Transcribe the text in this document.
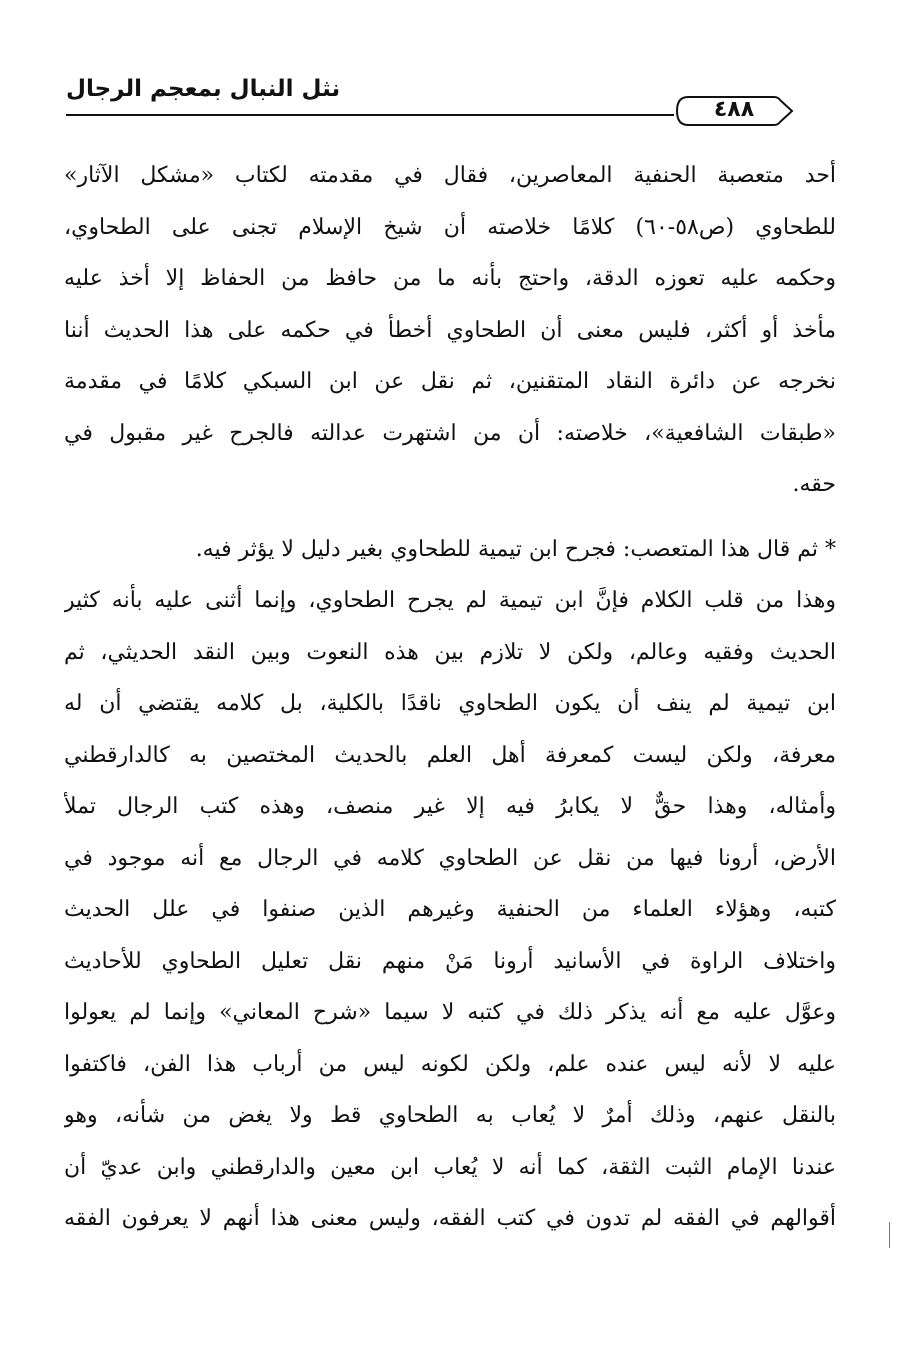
نثل النبال بمعجم الرجال
٤٨٨
أحد متعصبة الحنفية المعاصرين، فقال في مقدمته لكتاب «مشكل الآثار»
للطحاوي (ص٥٨-٦٠) كلامًا خلاصته أن شيخ الإسلام تجنى على الطحاوي،
وحكمه عليه تعوزه الدقة، واحتج بأنه ما من حافظ من الحفاظ إلا أخذ عليه
مأخذ أو أكثر، فليس معنى أن الطحاوي أخطأ في حكمه على هذا الحديث أننا
نخرجه عن دائرة النقاد المتقنين، ثم نقل عن ابن السبكي كلامًا في مقدمة
«طبقات الشافعية»، خلاصته: أن من اشتهرت عدالته فالجرح غير مقبول في
حقه.
* ثم قال هذا المتعصب: فجرح ابن تيمية للطحاوي بغير دليل لا يؤثر فيه.
وهذا من قلب الكلام فإنَّ ابن تيمية لم يجرح الطحاوي، وإنما أثنى عليه بأنه كثير
الحديث وفقيه وعالم، ولكن لا تلازم بين هذه النعوت وبين النقد الحديثي، ثم
ابن تيمية لم ينف أن يكون الطحاوي ناقدًا بالكلية، بل كلامه يقتضي أن له
معرفة، ولكن ليست كمعرفة أهل العلم بالحديث المختصين به كالدارقطني
وأمثاله، وهذا حقٌّ لا يكابرُ فيه إلا غير منصف، وهذه كتب الرجال تملأ
الأرض، أرونا فيها من نقل عن الطحاوي كلامه في الرجال مع أنه موجود في
كتبه، وهؤلاء العلماء من الحنفية وغيرهم الذين صنفوا في علل الحديث
واختلاف الراوة في الأسانيد أرونا مَنْ منهم نقل تعليل الطحاوي للأحاديث
وعوَّل عليه مع أنه يذكر ذلك في كتبه لا سيما «شرح المعاني» وإنما لم يعولوا
عليه لا لأنه ليس عنده علم، ولكن لكونه ليس من أرباب هذا الفن، فاكتفوا
بالنقل عنهم، وذلك أمرٌ لا يُعاب به الطحاوي قط ولا يغض من شأنه، وهو
عندنا الإمام الثبت الثقة، كما أنه لا يُعاب ابن معين والدارقطني وابن عديّ أن
أقوالهم في الفقه لم تدون في كتب الفقه، وليس معنى هذا أنهم لا يعرفون الفقه
